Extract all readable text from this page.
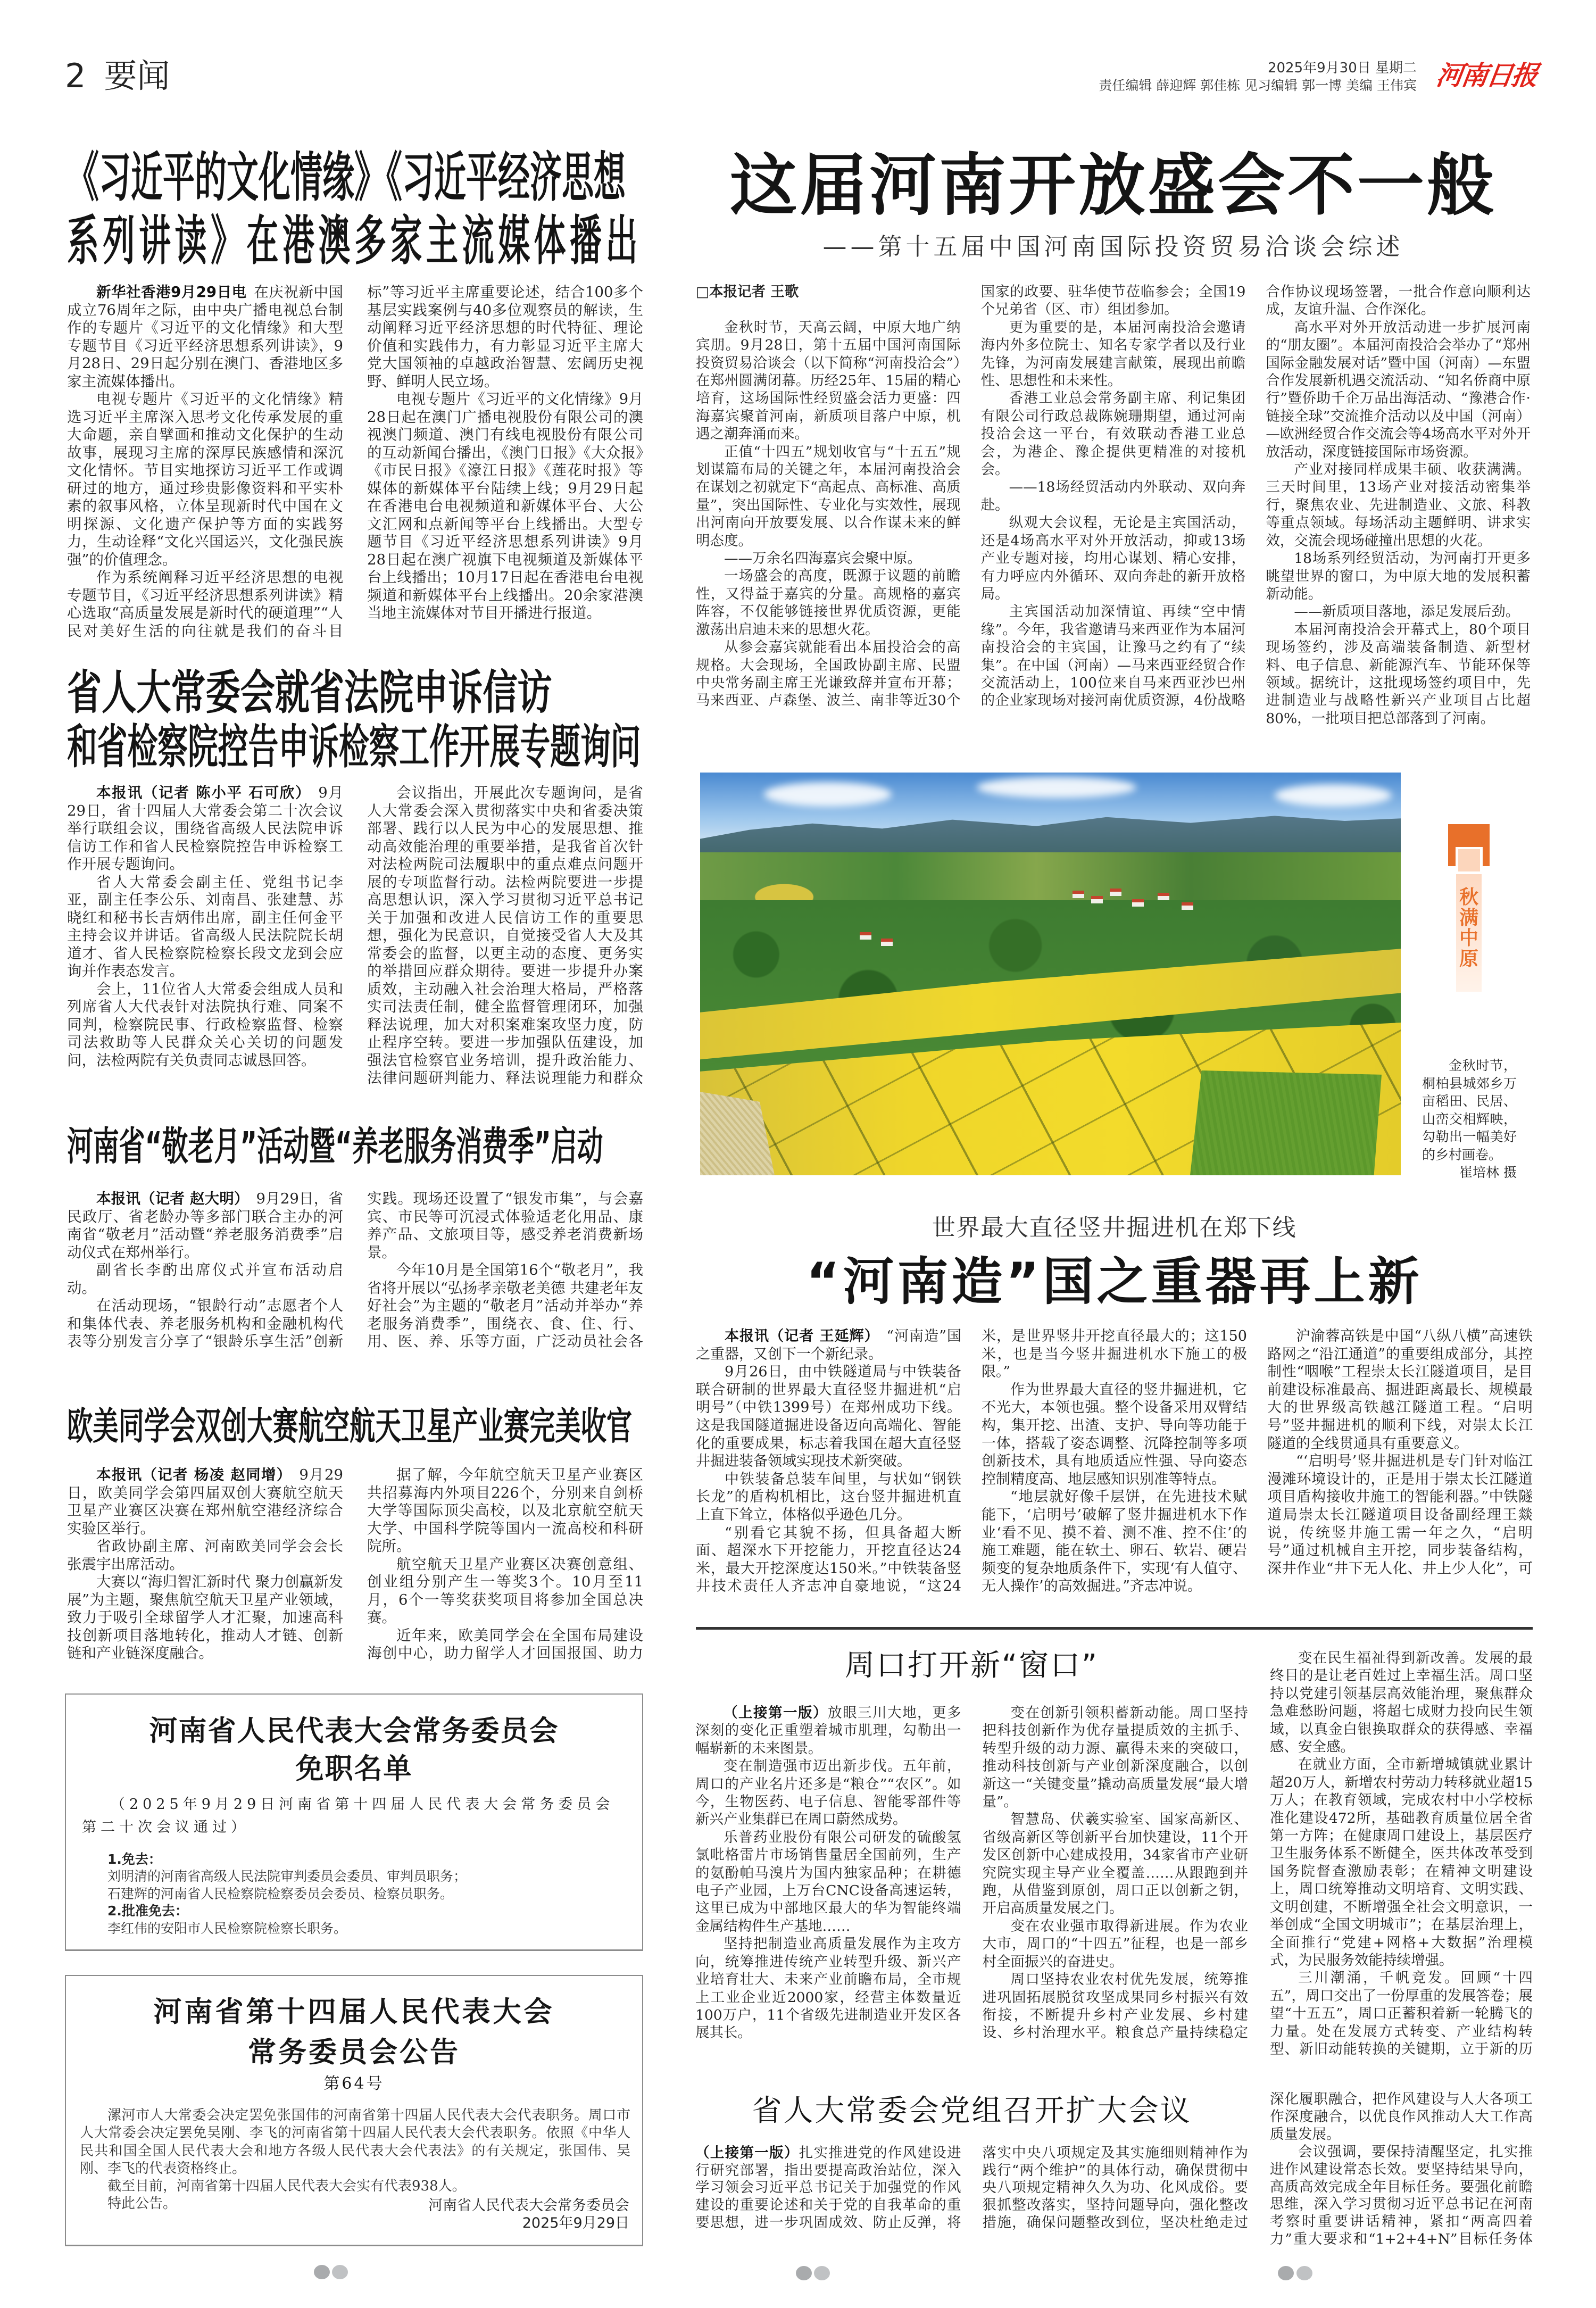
2 要闻	2025年9月30日 星期二
责任编辑 薛迎辉 郭佳栋 见习编辑 郭一博 美编 王伟宾 河南日报
《习近平的文化情缘》《习近平经济思想
系列讲读》在港澳多家主流媒体播出

新华社香港9月29日电 在庆祝新中国成立76周年之际，由中央广播电视总台制作的专题片《习近平的文化情缘》和大型专题节目《习近平经济思想系列讲读》，9月28日、29日起分别在澳门、香港地区多家主流媒体播出。

电视专题片《习近平的文化情缘》精选习近平主席深入思考文化传承发展的重大命题，亲自擘画和推动文化保护的生动故事，展现习主席的深厚民族感情和深沉文化情怀。节目实地探访习近平工作或调研过的地方，通过珍贵影像资料和平实朴素的叙事风格，立体呈现新时代中国在文明探源、文化遗产保护等方面的实践努力，生动诠释“文化兴国运兴，文化强民族强”的价值理念。

作为系统阐释习近平经济思想的电视专题节目，《习近平经济思想系列讲读》精心选取“高质量发展是新时代的硬道理”“人民对美好生活的向往就是我们的奋斗目标”等习近平主席重要论述，结合100多个基层实践案例与40多位观察员的解读，生动阐释习近平经济思想的时代特征、理论价值和实践伟力，有力彰显习近平主席大党大国领袖的卓越政治智慧、宏阔历史视野、鲜明人民立场。

电视专题片《习近平的文化情缘》9月28日起在澳门广播电视股份有限公司的澳视澳门频道、澳门有线电视股份有限公司的互动新闻台播出，《澳门日报》《大众报》《市民日报》《濠江日报》《莲花时报》等媒体的新媒体平台陆续上线；9月29日起在香港电台电视频道和新媒体平台、大公文汇网和点新闻等平台上线播出。大型专题节目《习近平经济思想系列讲读》9月28日起在澳广视旗下电视频道及新媒体平台上线播出；10月17日起在香港电台电视频道和新媒体平台上线播出。20余家港澳当地主流媒体对节目开播进行报道。

省人大常委会就省法院申诉信访
和省检察院控告申诉检察工作开展专题询问

本报讯（记者 陈小平 石可欣） 9月29日，省十四届人大常委会第二十次会议举行联组会议，围绕省高级人民法院申诉信访工作和省人民检察院控告申诉检察工作开展专题询问。

省人大常委会副主任、党组书记李亚，副主任李公乐、刘南昌、张建慧、苏晓红和秘书长吉炳伟出席，副主任何金平主持会议并讲话。省高级人民法院院长胡道才、省人民检察院检察长段文龙到会应询并作表态发言。

会上，11位省人大常委会组成人员和列席省人大代表针对法院执行难、同案不同判，检察院民事、行政检察监督、检察司法救助等人民群众关心关切的问题发问，法检两院有关负责同志诚恳回答。

会议指出，开展此次专题询问，是省人大常委会深入贯彻落实中央和省委决策部署、践行以人民为中心的发展思想、推动高效能治理的重要举措，是我省首次针对法检两院司法履职中的重点难点问题开展的专项监督行动。法检两院要进一步提高思想认识，深入学习贯彻习近平总书记关于加强和改进人民信访工作的重要思想，强化为民意识，自觉接受省人大及其常委会的监督，以更主动的态度、更务实的举措回应群众期待。要进一步提升办案质效，主动融入社会治理大格局，严格落实司法责任制，健全监督管理闭环，加强释法说理，加大对积案难案攻坚力度，防止程序空转。要进一步加强队伍建设，加强法官检察官业务培训，提升政治能力、法律问题研判能力、释法说理能力和群众

河南省“敬老月”活动暨“养老服务消费季”启动

本报讯（记者 赵大明） 9月29日，省民政厅、省老龄办等多部门联合主办的河南省“敬老月”活动暨“养老服务消费季”启动仪式在郑州举行。

副省长李酌出席仪式并宣布活动启动。

在活动现场，“银龄行动”志愿者个人和集体代表、养老服务机构和金融机构代表等分别发言分享了“银龄乐享生活”创新实践。现场还设置了“银发市集”，与会嘉宾、市民等可沉浸式体验适老化用品、康养产品、文旅项目等，感受养老消费新场景。

今年10月是全国第16个“敬老月”，我省将开展以“弘扬孝亲敬老美德 共建老年友好社会”为主题的“敬老月”活动并举办“养老服务消费季”，围绕衣、食、住、行、用、医、养、乐等方面，广泛动员社会各

欧美同学会双创大赛航空航天卫星产业赛完美收官

本报讯（记者 杨凌 赵同增） 9月29日，欧美同学会第四届双创大赛航空航天卫星产业赛区决赛在郑州航空港经济综合实验区举行。

省政协副主席、河南欧美同学会会长张震宇出席活动。

大赛以“海归智汇新时代 聚力创赢新发展”为主题，聚焦航空航天卫星产业领域，致力于吸引全球留学人才汇聚，加速高科技创新项目落地转化，推动人才链、创新链和产业链深度融合。

据了解，今年航空航天卫星产业赛区共招募海内外项目226个，分别来自剑桥大学等国际顶尖高校，以及北京航空航天大学、中国科学院等国内一流高校和科研院所。

航空航天卫星产业赛区决赛创意组、创业组分别产生一等奖3个。10月至11月，6个一等奖获奖项目将参加全国总决赛。

近年来，欧美同学会在全国布局建设海创中心，助力留学人才回国报国、助力

河南省人民代表大会常务委员会
免职名单
（2025年9月29日河南省第十四届人民代表大会常务委员会第二十次会议通过）
1.免去：
刘明清的河南省高级人民法院审判委员会委员、审判员职务；
石建辉的河南省人民检察院检察委员会委员、检察员职务。
2.批准免去：
李红伟的安阳市人民检察院检察长职务。
河南省第十四届人民代表大会
常务委员会公告
第64号

漯河市人大常委会决定罢免张国伟的河南省第十四届人民代表大会代表职务。周口市人大常委会决定罢免吴刚、李飞的河南省第十四届人民代表大会代表职务。依照《中华人民共和国全国人民代表大会和地方各级人民代表大会代表法》的有关规定，张国伟、吴刚、李飞的代表资格终止。

截至目前，河南省第十四届人民代表大会实有代表938人。

特此公告。	河南省人民代表大会常务委员会
2025年9月29日
这届河南开放盛会不一般
——第十五届中国河南国际投资贸易洽谈会综述

□本报记者 王歌

金秋时节，天高云阔，中原大地广纳宾朋。9月28日，第十五届中国河南国际投资贸易洽谈会（以下简称“河南投洽会”）在郑州圆满闭幕。历经25年、15届的精心培育，这场国际性经贸盛会活力更盛：四海嘉宾聚首河南，新质项目落户中原，机遇之潮奔涌而来。

正值“十四五”规划收官与“十五五”规划谋篇布局的关键之年，本届河南投洽会在谋划之初就定下“高起点、高标准、高质量”，突出国际性、专业化与实效性，展现出河南向开放要发展、以合作谋未来的鲜明态度。

——万余名四海嘉宾会聚中原。

一场盛会的高度，既源于议题的前瞻性，又得益于嘉宾的分量。高规格的嘉宾阵容，不仅能够链接世界优质资源，更能激荡出启迪未来的思想火花。

从参会嘉宾就能看出本届投洽会的高规格。大会现场，全国政协副主席、民盟中央常务副主席王光谦致辞并宣布开幕；马来西亚、卢森堡、波兰、南非等近30个国家的政要、驻华使节莅临参会；全国19个兄弟省（区、市）组团参加。

更为重要的是，本届河南投洽会邀请海内外多位院士、知名专家学者以及行业先锋，为河南发展建言献策，展现出前瞻性、思想性和未来性。

香港工业总会常务副主席、利记集团有限公司行政总裁陈婉珊期望，通过河南投洽会这一平台，有效联动香港工业总会，为港企、豫企提供更精准的对接机会。

——18场经贸活动内外联动、双向奔赴。

纵观大会议程，无论是主宾国活动，还是4场高水平对外开放活动，抑或13场产业专题对接，均用心谋划、精心安排，有力呼应内外循环、双向奔赴的新开放格局。

主宾国活动加深情谊、再续“空中情缘”。今年，我省邀请马来西亚作为本届河南投洽会的主宾国，让豫马之约有了“续集”。在中国（河南）—马来西亚经贸合作交流活动上，100位来自马来西亚沙巴州的企业家现场对接河南优质资源，4份战略合作协议现场签署，一批合作意向顺利达成，友谊升温、合作深化。

高水平对外开放活动进一步扩展河南的“朋友圈”。本届河南投洽会举办了“郑州国际金融发展对话”暨中国（河南）—东盟合作发展新机遇交流活动、“知名侨商中原行”暨侨助千企万品出海活动、“豫港合作·链接全球”交流推介活动以及中国（河南）—欧洲经贸合作交流会等4场高水平对外开放活动，深度链接国际市场资源。

产业对接同样成果丰硕、收获满满。三天时间里，13场产业对接活动密集举行，聚焦农业、先进制造业、文旅、科教等重点领域。每场活动主题鲜明、讲求实效，交流会现场碰撞出思想的火花。

18场系列经贸活动，为河南打开更多眺望世界的窗口，为中原大地的发展积蓄新动能。

——新质项目落地，添足发展后劲。

本届河南投洽会开幕式上，80个项目现场签约，涉及高端装备制造、新型材料、电子信息、新能源汽车、节能环保等领域。据统计，这批现场签约项目中，先进制造业与战略性新兴产业项目占比超80%，一批项目把总部落到了河南。

秋满中原
金秋时节，桐柏县城郊乡万亩稻田、民居、山峦交相辉映，勾勒出一幅美好的乡村画卷。
崔培林 摄
世界最大直径竖井掘进机在郑下线
“河南造”国之重器再上新

本报讯（记者 王延辉） “河南造”国之重器，又创下一个新纪录。

9月26日，由中铁隧道局与中铁装备联合研制的世界最大直径竖井掘进机“启明号”（中铁1399号）在郑州成功下线。这是我国隧道掘进设备迈向高端化、智能化的重要成果，标志着我国在超大直径竖井掘进装备领域实现技术新突破。

中铁装备总装车间里，与状如“钢铁长龙”的盾构机相比，这台竖井掘进机直上直下耸立，体格似乎逊色几分。

“别看它其貌不扬，但具备超大断面、超深水下开挖能力，开挖直径达24米，最大开挖深度达150米。”中铁装备竖井技术责任人齐志冲自豪地说，“这24米，是世界竖井开挖直径最大的；这150米，也是当今竖井掘进机水下施工的极限。”

作为世界最大直径的竖井掘进机，它不光大，本领也强。整个设备采用双臂结构，集开挖、出渣、支护、导向等功能于一体，搭载了姿态调整、沉降控制等多项创新技术，具有地质适应性强、导向姿态控制精度高、地层感知识别准等特点。

“地层就好像千层饼，在先进技术赋能下，‘启明号’破解了竖井掘进机水下作业‘看不见、摸不着、测不准、控不住’的施工难题，能在软土、卵石、软岩、硬岩频变的复杂地质条件下，实现‘有人值守、无人操作’的高效掘进。”齐志冲说。

沪渝蓉高铁是中国“八纵八横”高速铁路网之“沿江通道”的重要组成部分，其控制性“咽喉”工程崇太长江隧道项目，是目前建设标准最高、掘进距离最长、规模最大的世界级高铁越江隧道工程。“启明号”竖井掘进机的顺利下线，对崇太长江隧道的全线贯通具有重要意义。

“‘启明号’竖井掘进机是专门针对临江漫滩环境设计的，正是用于崇太长江隧道项目盾构接收井施工的智能利器。”中铁隧道局崇太长江隧道项目设备副经理王燚说，传统竖井施工需一年之久，“启明号”通过机械自主开挖，同步装备结构，深井作业“井下无人化、井上少人化”，可

周口打开新“窗口”

（上接第一版）放眼三川大地，更多深刻的变化正重塑着城市肌理，勾勒出一幅崭新的未来图景。

变在制造强市迈出新步伐。五年前，周口的产业名片还多是“粮仓”“农区”。如今，生物医药、电子信息、智能零部件等新兴产业集群已在周口蔚然成势。

乐普药业股份有限公司研发的硫酸氢氯吡格雷片市场销售量居全国前列，生产的氨酚帕马溴片为国内独家品种；在耕德电子产业园，上万台CNC设备高速运转，这里已成为中部地区最大的华为智能终端金属结构件生产基地……

坚持把制造业高质量发展作为主攻方向，统筹推进传统产业转型升级、新兴产业培育壮大、未来产业前瞻布局，全市规上工业企业近2000家，经营主体数量近100万户，11个省级先进制造业开发区各展其长。

变在创新引领积蓄新动能。周口坚持把科技创新作为优存量提质效的主抓手、转型升级的动力源、赢得未来的突破口，推动科技创新与产业创新深度融合，以创新这一“关键变量”撬动高质量发展“最大增量”。

智慧岛、伏羲实验室、国家高新区、省级高新区等创新平台加快建设，11个开发区创新中心建成投用，34家省市产业研究院实现主导产业全覆盖……从跟跑到并跑，从借鉴到原创，周口正以创新之钥，开启高质量发展之门。

变在农业强市取得新进展。作为农业大市，周口的“十四五”征程，也是一部乡村全面振兴的奋进史。

周口坚持农业农村优先发展，统筹推进巩固拓展脱贫攻坚成果同乡村振兴有效衔接，不断提升乡村产业发展、乡村建设、乡村治理水平。粮食总产量持续稳定

变在民生福祉得到新改善。发展的最终目的是让老百姓过上幸福生活。周口坚持以党建引领基层高效能治理，聚焦群众急难愁盼问题，将超七成财力投向民生领域，以真金白银换取群众的获得感、幸福感、安全感。

在就业方面，全市新增城镇就业累计超20万人，新增农村劳动力转移就业超15万人；在教育领域，完成农村中小学校标准化建设472所，基础教育质量位居全省第一方阵；在健康周口建设上，基层医疗卫生服务体系不断健全，医共体改革受到国务院督查激励表彰；在精神文明建设上，周口统筹推动文明培育、文明实践、文明创建，不断增强全社会文明意识，一举创成“全国文明城市”；在基层治理上，全面推行“党建+网格+大数据”治理模式，为民服务效能持续增强。

三川潮涌，千帆竞发。回顾“十四五”，周口交出了一份厚重的发展答卷；展望“十五五”，周口正蓄积着新一轮腾飞的力量。处在发展方式转变、产业结构转型、新旧动能转换的关键期，立于新的历

省人大常委会党组召开扩大会议

（上接第一版）扎实推进党的作风建设进行研究部署，指出要提高政治站位，深入学习领会习近平总书记关于加强党的作风建设的重要论述和关于党的自我革命的重要思想，进一步巩固成效、防止反弹，将落实中央八项规定及其实施细则精神作为践行“两个维护”的具体行动，确保贯彻中央八项规定精神久久为功、化风成俗。要狠抓整改落实，坚持问题导向，强化整改措施，确保问题整改到位，坚决杜绝走过

深化履职融合，把作风建设与人大各项工作深度融合，以优良作风推动人大工作高质量发展。

会议强调，要保持清醒坚定，扎实推进作风建设常态长效。要坚持结果导向，高质高效完成全年目标任务。要强化前瞻思维，深入学习贯彻习近平总书记在河南考察时重要讲话精神，紧扣“两高四着力”重大要求和“1+2+4+N”目标任务体
